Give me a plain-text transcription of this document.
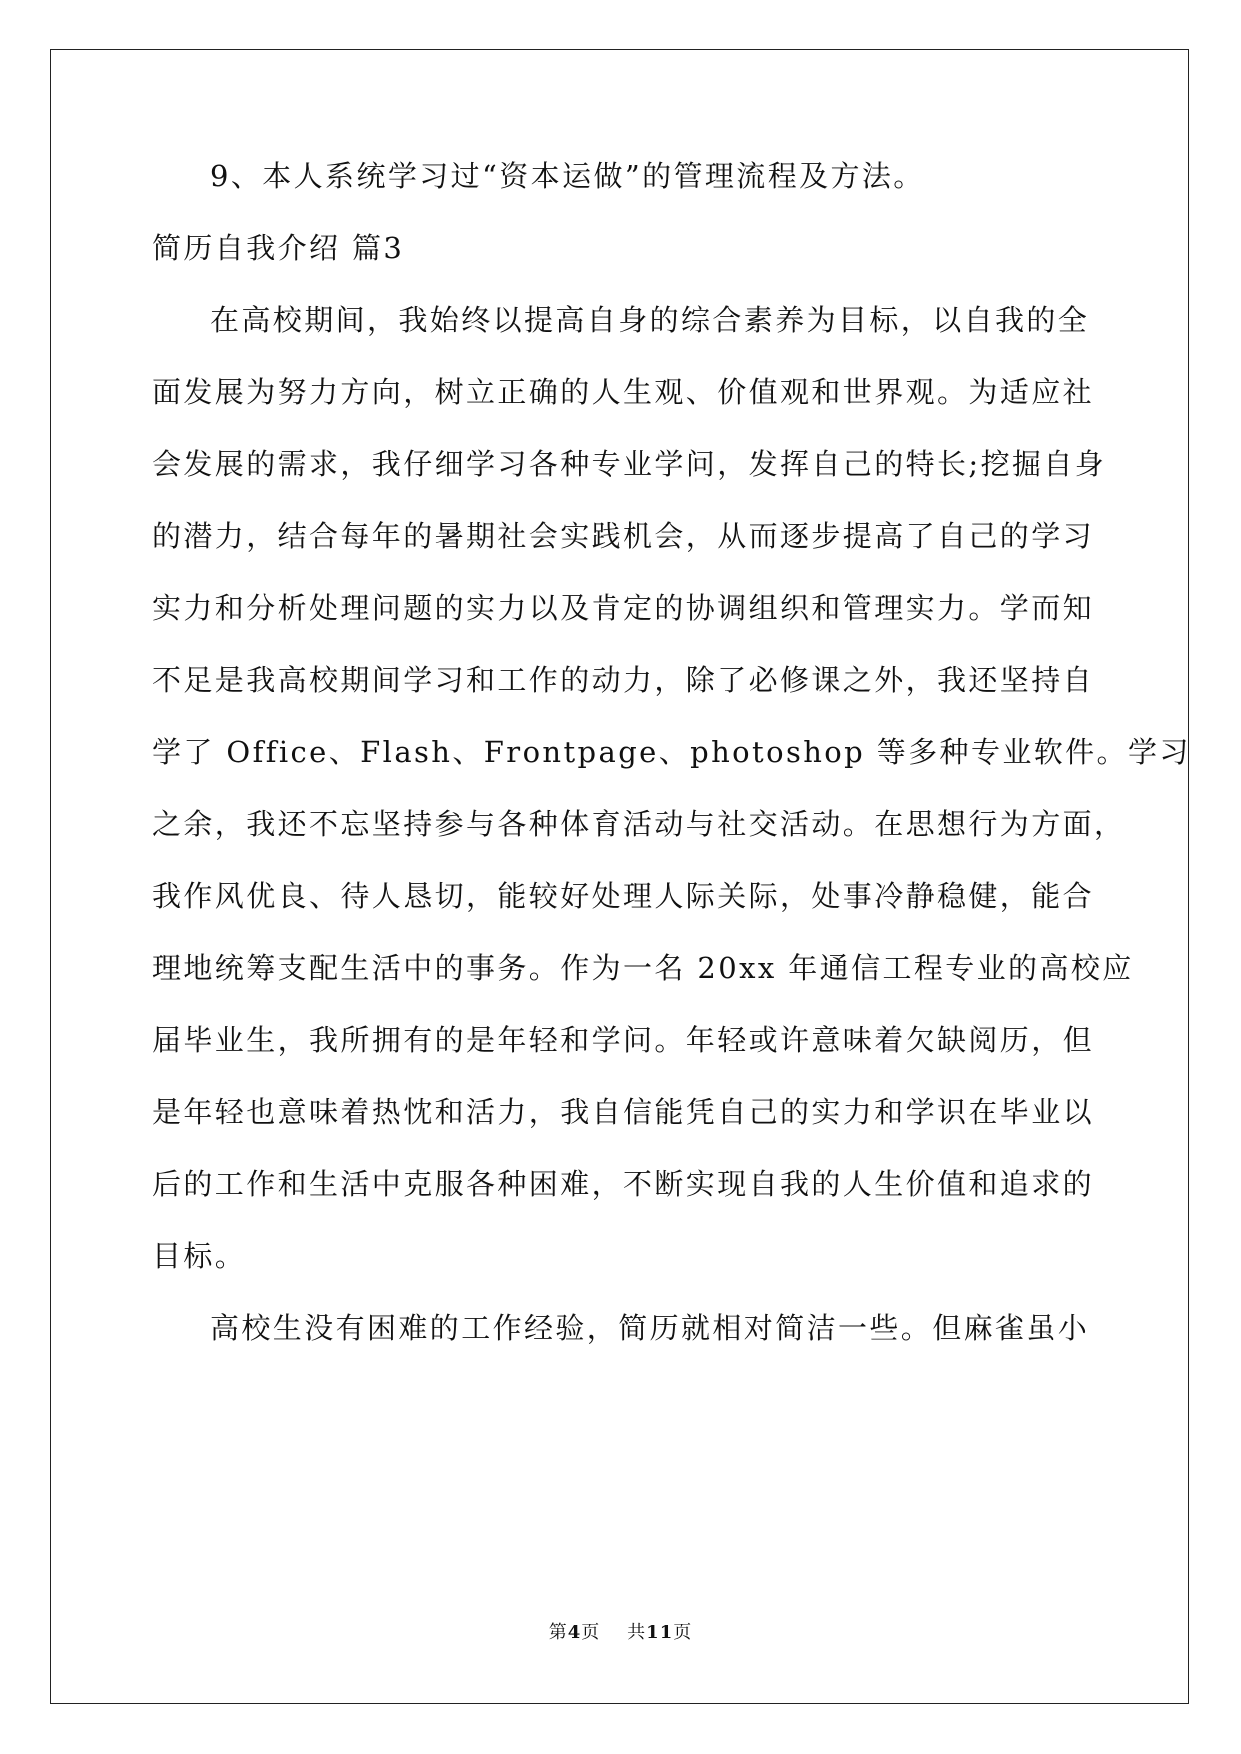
9、本人系统学习过“资本运做”的管理流程及方法。
简历自我介绍 篇3
在高校期间，我始终以提高自身的综合素养为目标，以自我的全
面发展为努力方向，树立正确的人生观、价值观和世界观。为适应社
会发展的需求，我仔细学习各种专业学问，发挥自己的特长;挖掘自身
的潜力，结合每年的暑期社会实践机会，从而逐步提高了自己的学习
实力和分析处理问题的实力以及肯定的协调组织和管理实力。学而知
不足是我高校期间学习和工作的动力，除了必修课之外，我还坚持自
学了 Office、Flash、Frontpage、photoshop 等多种专业软件。学习
之余，我还不忘坚持参与各种体育活动与社交活动。在思想行为方面，
我作风优良、待人恳切，能较好处理人际关际，处事冷静稳健，能合
理地统筹支配生活中的事务。作为一名 20xx 年通信工程专业的高校应
届毕业生，我所拥有的是年轻和学问。年轻或许意味着欠缺阅历，但
是年轻也意味着热忱和活力，我自信能凭自己的实力和学识在毕业以
后的工作和生活中克服各种困难，不断实现自我的人生价值和追求的
目标。
高校生没有困难的工作经验，简历就相对简洁一些。但麻雀虽小
第4页 共11页
